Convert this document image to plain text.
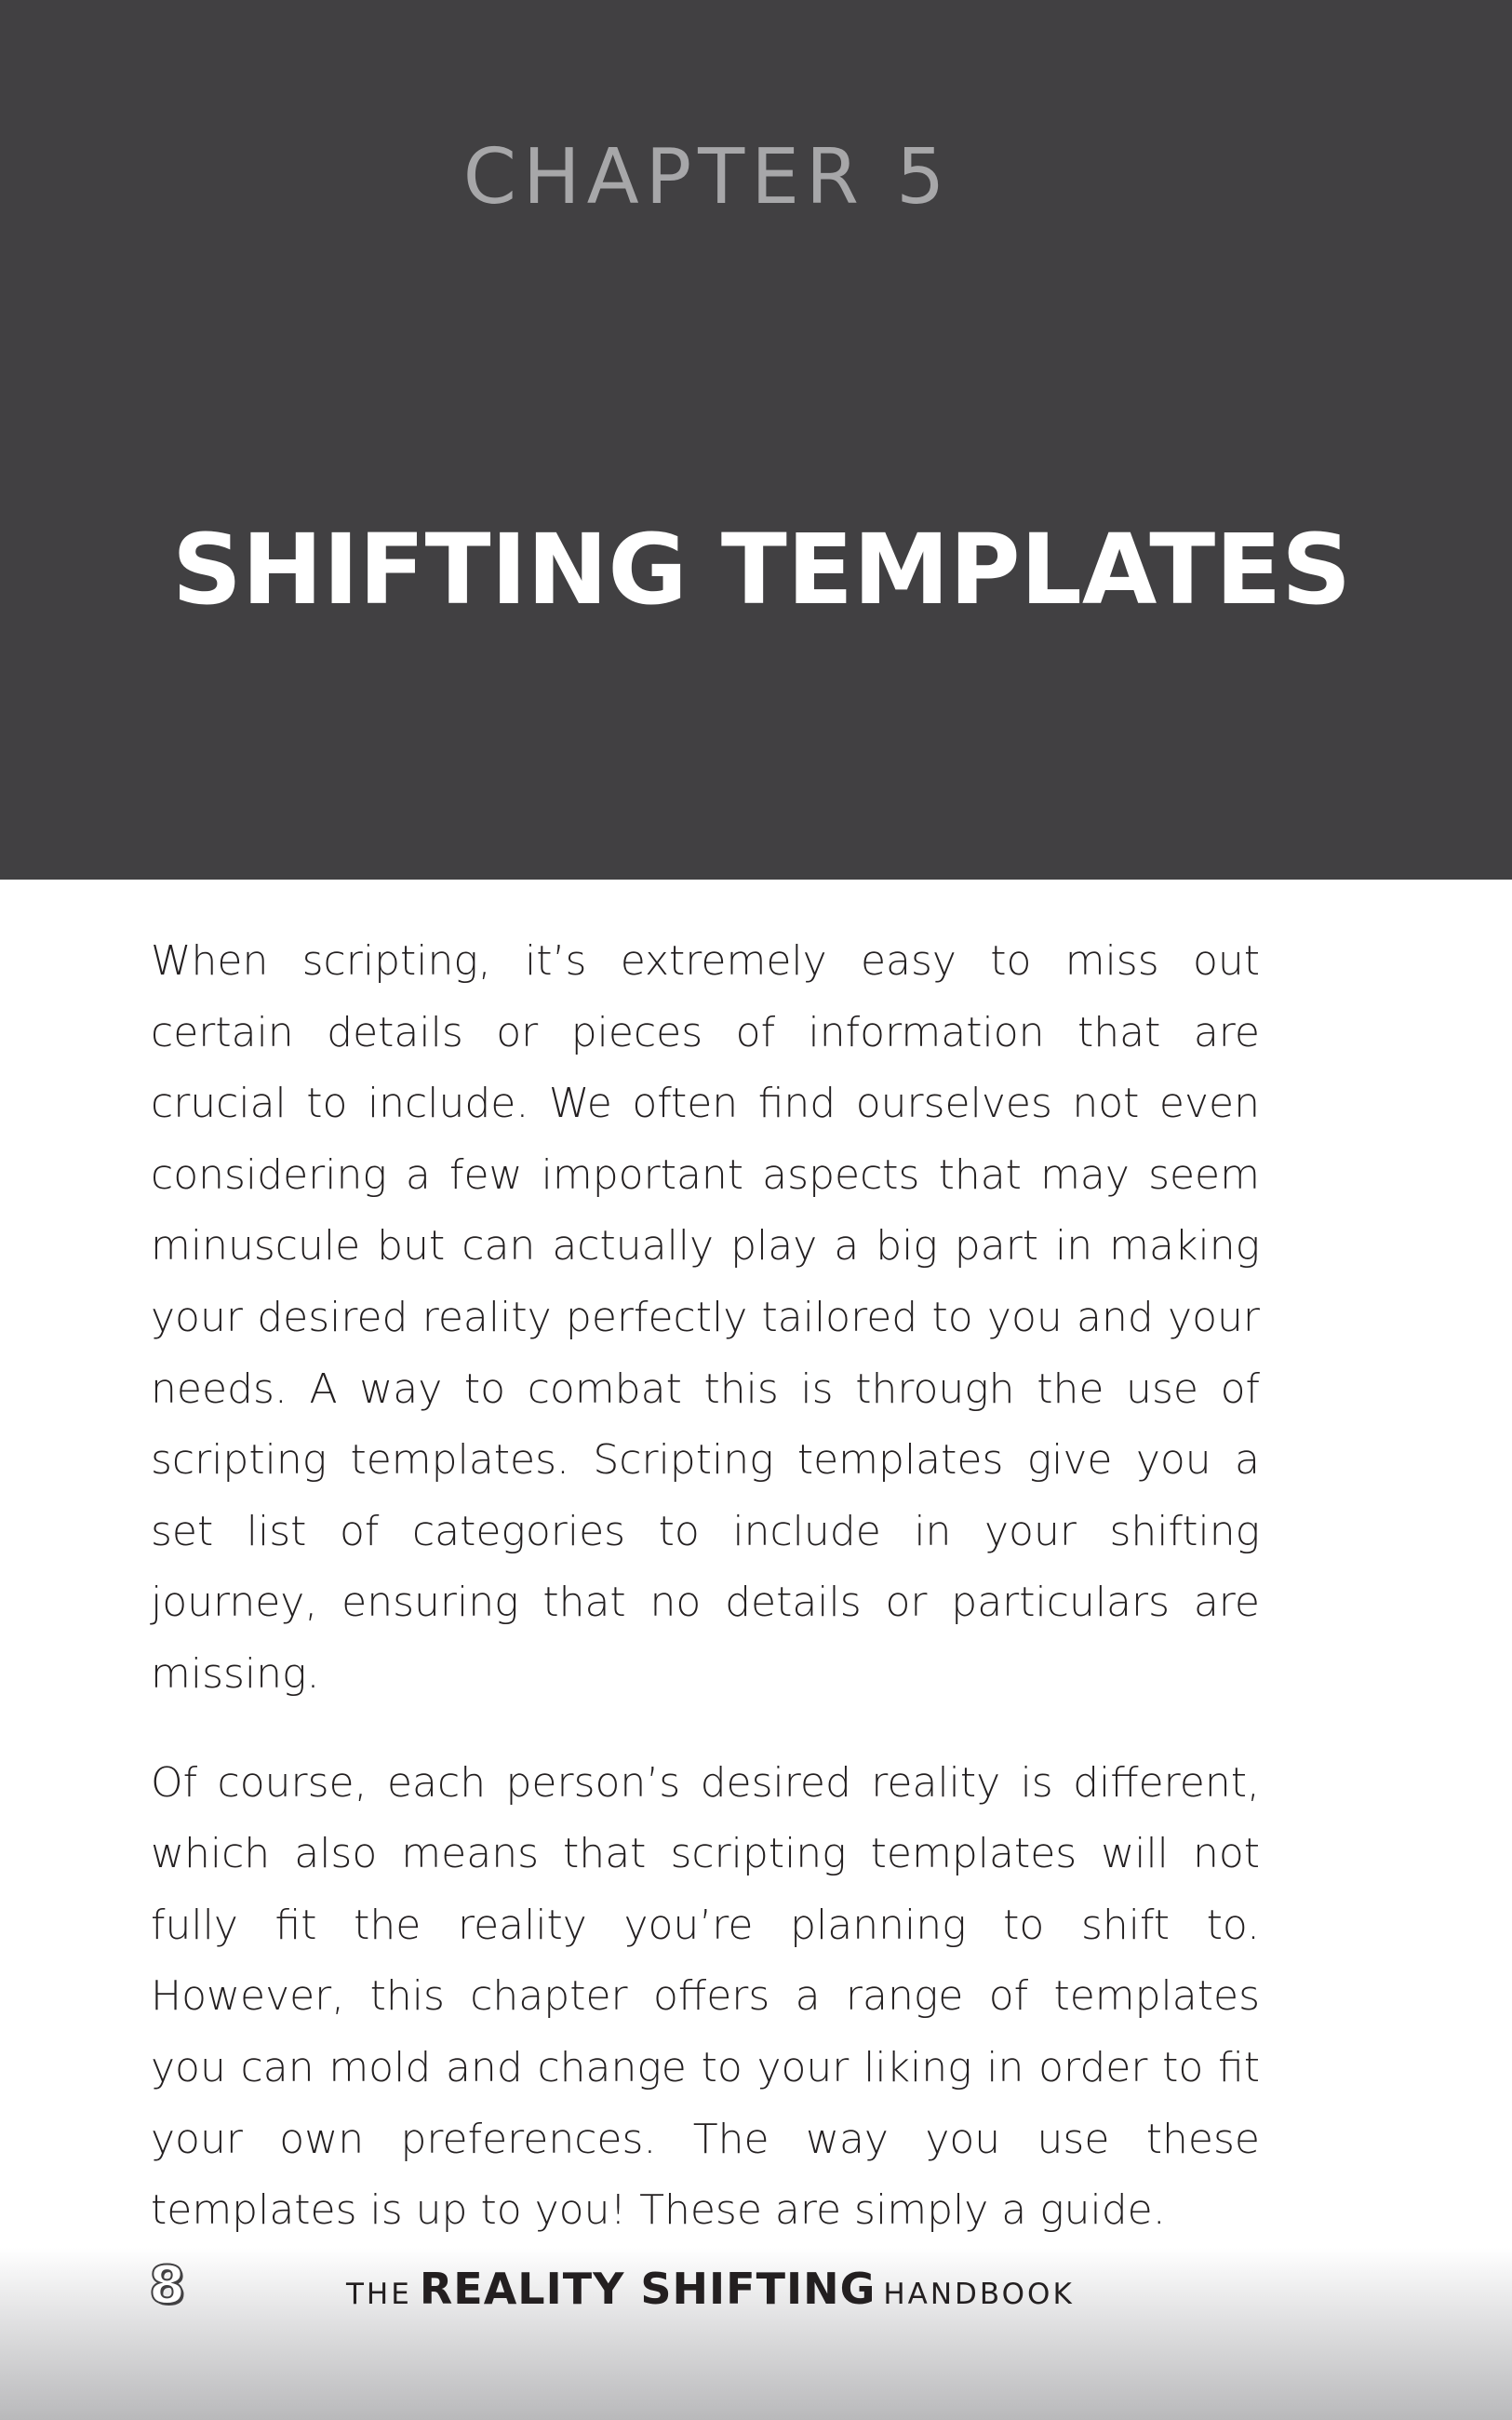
CHAPTER 5
SHIFTING TEMPLATES

When scripting, it’s extremely easy to miss out certain details or pieces of information that are crucial to include. We often find ourselves not even considering a few important aspects that may seem minuscule but can actually play a big part in making your desired reality perfectly tailored to you and your needs. A way to combat this is through the use of scripting templates. Scripting templates give you a set list of categories to include in your shifting journey, ensuring that no details or particulars are missing.

Of course, each person’s desired reality is different, which also means that scripting templates will not fully fit the reality you’re planning to shift to. However, this chapter offers a range of templates you can mold and change to your liking in order to fit your own preferences. The way you use these templates is up to you! These are simply a guide.

8	THE REALITY SHIFTING HANDBOOK
